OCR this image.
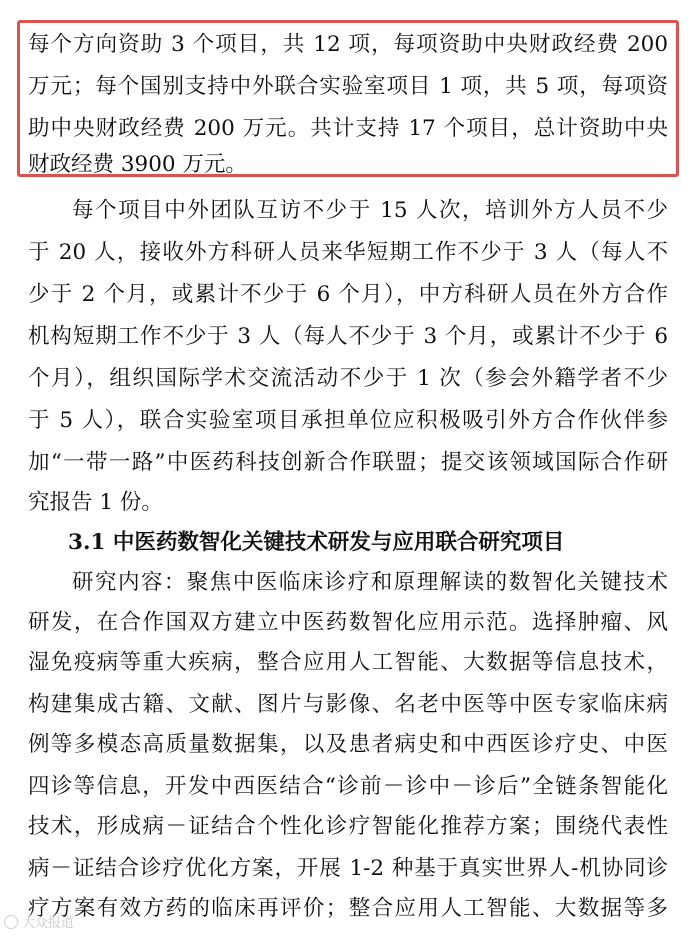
每个方向资助 3 个项目，共 12 项，每项资助中央财政经费 200
万元；每个国别支持中外联合实验室项目 1 项，共 5 项，每项资
助中央财政经费 200 万元。共计支持 17 个项目，总计资助中央
财政经费 3900 万元。
每个项目中外团队互访不少于 15 人次，培训外方人员不少
于 20 人，接收外方科研人员来华短期工作不少于 3 人（每人不
少于 2 个月，或累计不少于 6 个月），中方科研人员在外方合作
机构短期工作不少于 3 人（每人不少于 3 个月，或累计不少于 6
个月），组织国际学术交流活动不少于 1 次（参会外籍学者不少
于 5 人），联合实验室项目承担单位应积极吸引外方合作伙伴参
加“一带一路”中医药科技创新合作联盟；提交该领域国际合作研
究报告 1 份。
3.1 中医药数智化关键技术研发与应用联合研究项目
研究内容：聚焦中医临床诊疗和原理解读的数智化关键技术
研发，在合作国双方建立中医药数智化应用示范。选择肿瘤、风
湿免疫病等重大疾病，整合应用人工智能、大数据等信息技术，
构建集成古籍、文献、图片与影像、名老中医等中医专家临床病
例等多模态高质量数据集，以及患者病史和中西医诊疗史、中医
四诊等信息，开发中西医结合“诊前－诊中－诊后”全链条智能化
技术，形成病－证结合个性化诊疗智能化推荐方案；围绕代表性
病－证结合诊疗优化方案，开展 1-2 种基于真实世界人-机协同诊
疗方案有效方药的临床再评价；整合应用人工智能、大数据等多
大众报道
